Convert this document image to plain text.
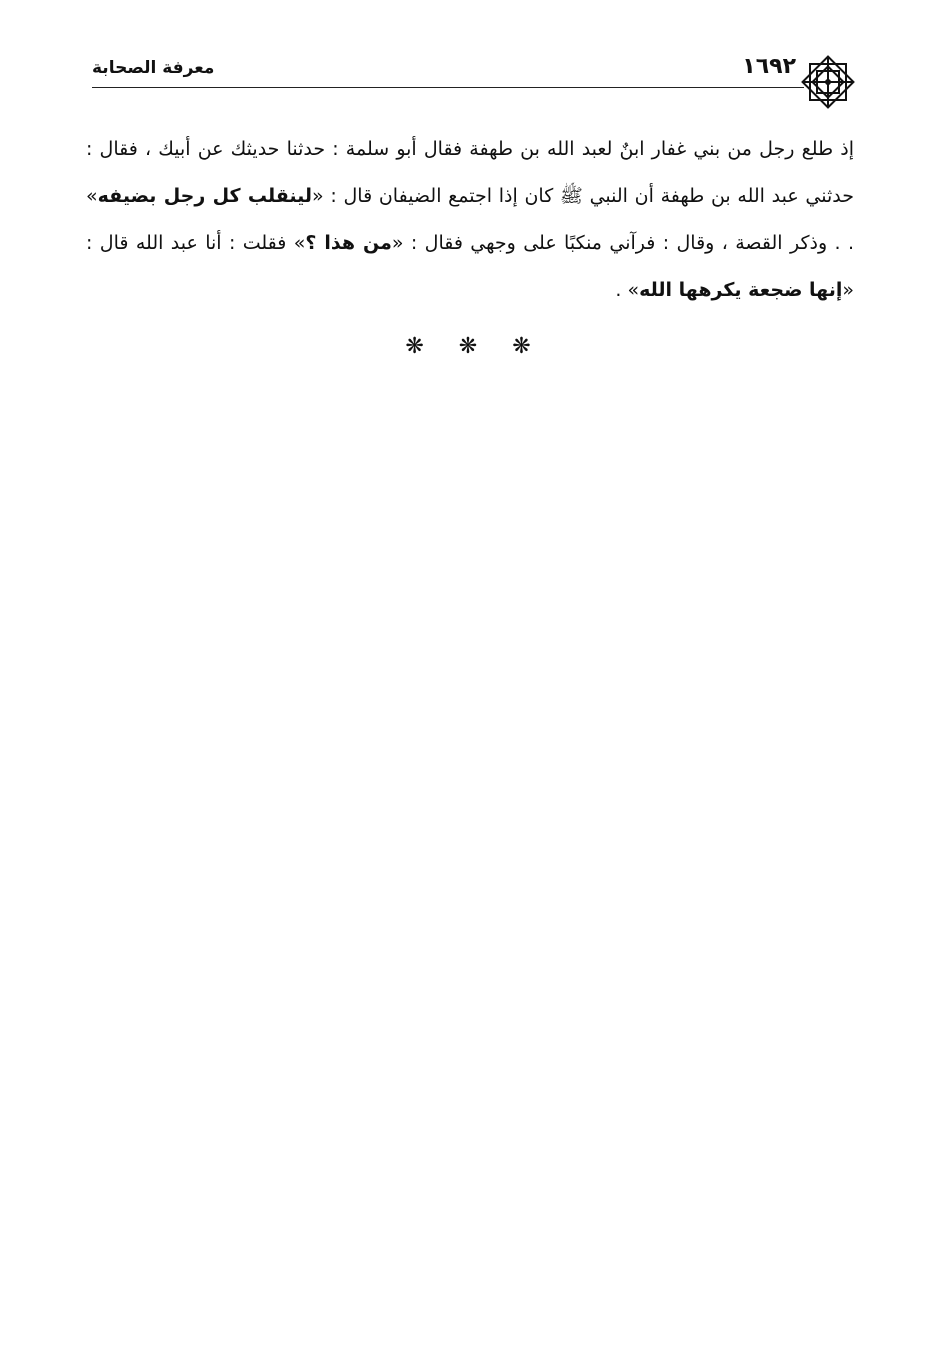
معرفة الصحابة	١٦٩٢
إذ طلع رجل من بني غفار ابنٌ لعبد الله بن طهفة فقال أبو سلمة : حدثنا حديثك عن أبيك ، فقال : حدثني عبد الله بن طهفة أن النبي ﷺ كان إذا اجتمع الضيفان قال : «لينقلب كل رجل بضيفه» . . وذكر القصة ، وقال : فرآني منكبًا على وجهي فقال : «من هذا ؟» فقلت : أنا عبد الله قال : «إنها ضجعة يكرهها الله» .
❋ ❋ ❋
